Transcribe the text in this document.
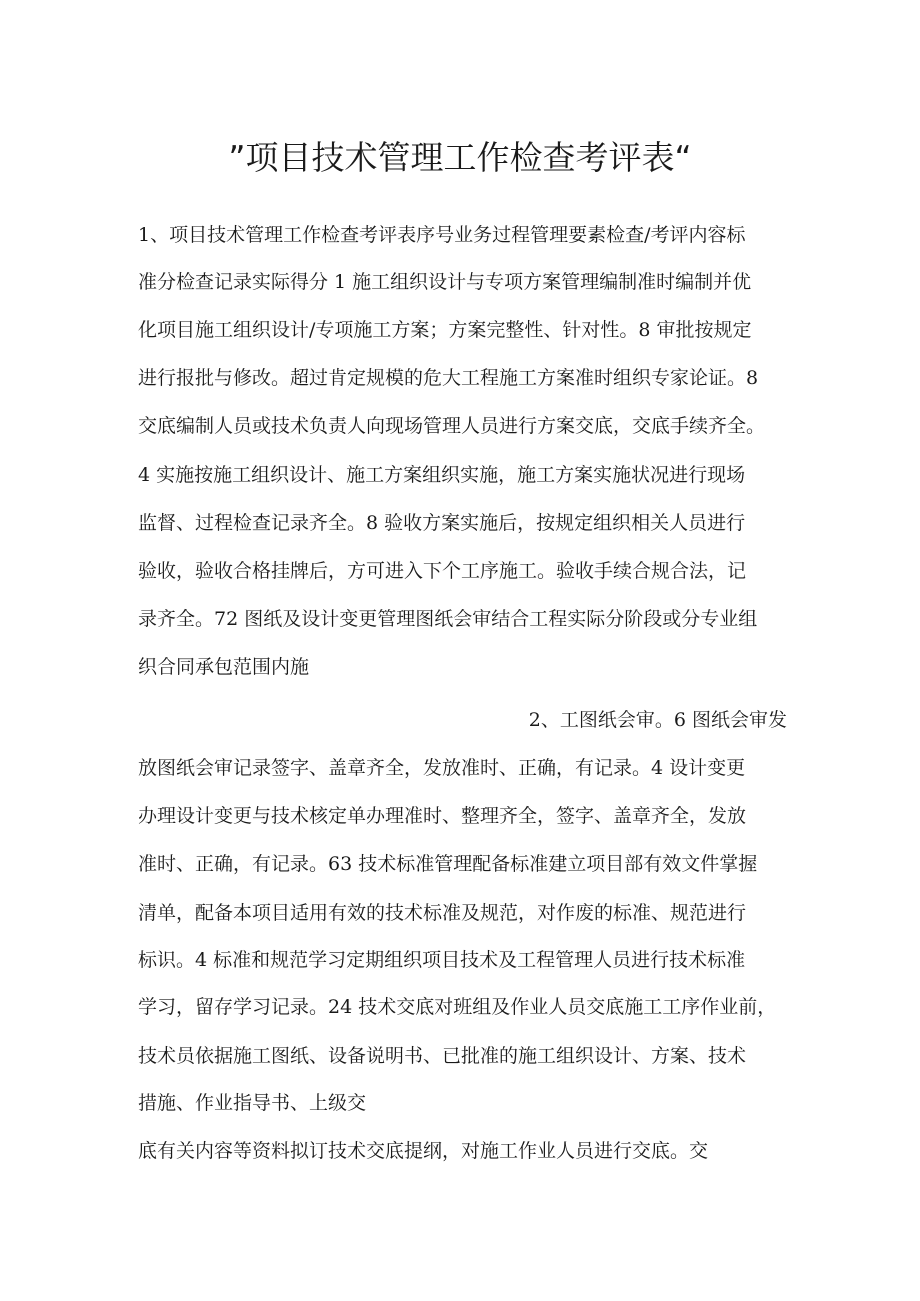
”项目技术管理工作检查考评表“
1、项目技术管理工作检查考评表序号业务过程管理要素检查/考评内容标
准分检查记录实际得分 1 施工组织设计与专项方案管理编制准时编制并优
化项目施工组织设计/专项施工方案；方案完整性、针对性。8 审批按规定
进行报批与修改。超过肯定规模的危大工程施工方案准时组织专家论证。8
交底编制人员或技术负责人向现场管理人员进行方案交底，交底手续齐全。
4 实施按施工组织设计、施工方案组织实施，施工方案实施状况进行现场
监督、过程检查记录齐全。8 验收方案实施后，按规定组织相关人员进行
验收，验收合格挂牌后，方可进入下个工序施工。验收手续合规合法，记
录齐全。72 图纸及设计变更管理图纸会审结合工程实际分阶段或分专业组
织合同承包范围内施
2、工图纸会审。6 图纸会审发
放图纸会审记录签字、盖章齐全，发放准时、正确，有记录。4 设计变更
办理设计变更与技术核定单办理准时、整理齐全，签字、盖章齐全，发放
准时、正确，有记录。63 技术标准管理配备标准建立项目部有效文件掌握
清单，配备本项目适用有效的技术标准及规范，对作废的标准、规范进行
标识。4 标准和规范学习定期组织项目技术及工程管理人员进行技术标准
学习，留存学习记录。24 技术交底对班组及作业人员交底施工工序作业前，
技术员依据施工图纸、设备说明书、已批准的施工组织设计、方案、技术
措施、作业指导书、上级交
底有关内容等资料拟订技术交底提纲，对施工作业人员进行交底。交
